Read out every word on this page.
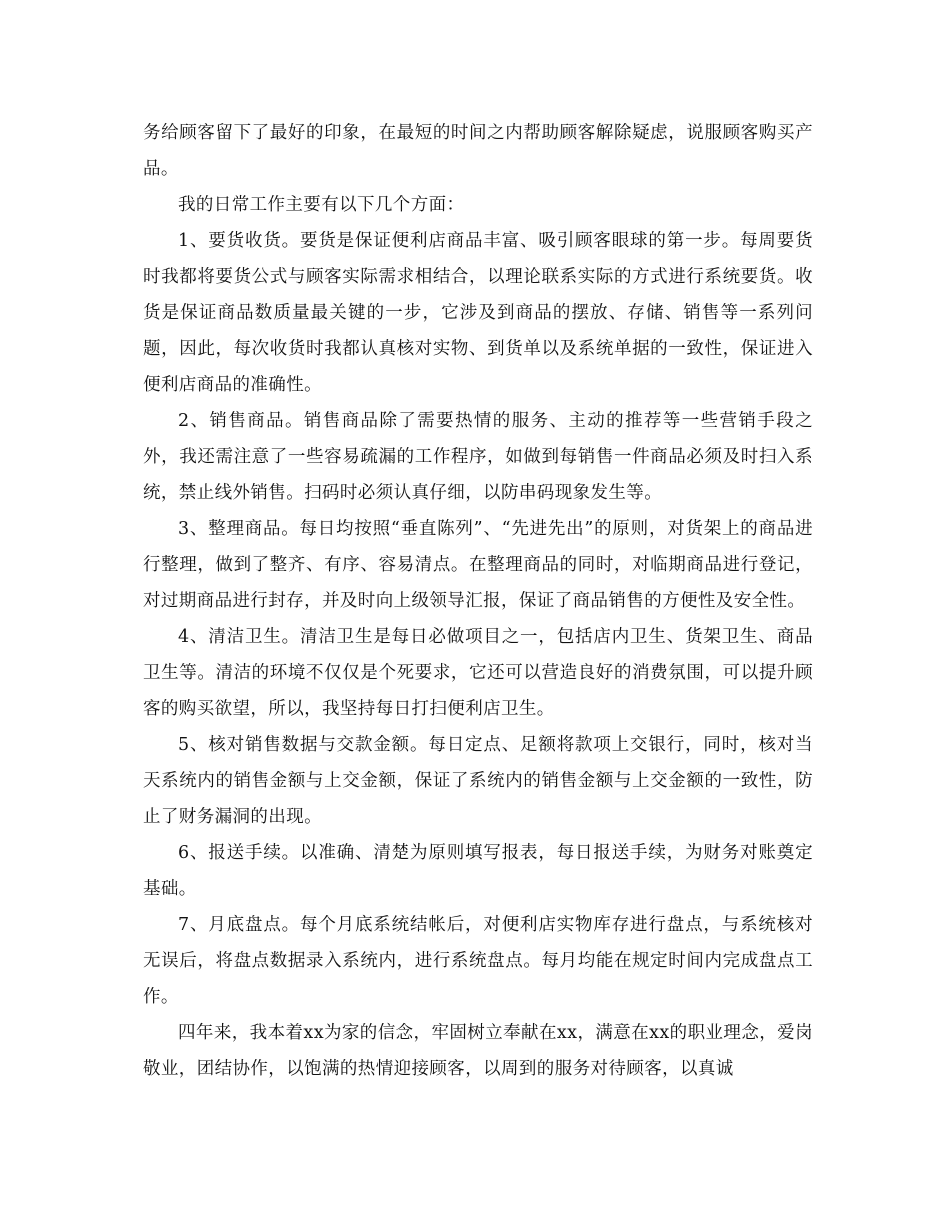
务给顾客留下了最好的印象，在最短的时间之内帮助顾客解除疑虑，说服顾客购买产品。

我的日常工作主要有以下几个方面：

1、要货收货。要货是保证便利店商品丰富、吸引顾客眼球的第一步。每周要货时我都将要货公式与顾客实际需求相结合，以理论联系实际的方式进行系统要货。收货是保证商品数质量最关键的一步，它涉及到商品的摆放、存储、销售等一系列问题，因此，每次收货时我都认真核对实物、到货单以及系统单据的一致性，保证进入便利店商品的准确性。

2、销售商品。销售商品除了需要热情的服务、主动的推荐等一些营销手段之外，我还需注意了一些容易疏漏的工作程序，如做到每销售一件商品必须及时扫入系统，禁止线外销售。扫码时必须认真仔细，以防串码现象发生等。

3、整理商品。每日均按照“垂直陈列”、“先进先出”的原则，对货架上的商品进行整理，做到了整齐、有序、容易清点。在整理商品的同时，对临期商品进行登记，对过期商品进行封存，并及时向上级领导汇报，保证了商品销售的方便性及安全性。

4、清洁卫生。清洁卫生是每日必做项目之一，包括店内卫生、货架卫生、商品卫生等。清洁的环境不仅仅是个死要求，它还可以营造良好的消费氛围，可以提升顾客的购买欲望，所以，我坚持每日打扫便利店卫生。

5、核对销售数据与交款金额。每日定点、足额将款项上交银行，同时，核对当天系统内的销售金额与上交金额，保证了系统内的销售金额与上交金额的一致性，防止了财务漏洞的出现。

6、报送手续。以准确、清楚为原则填写报表，每日报送手续，为财务对账奠定基础。

7、月底盘点。每个月底系统结帐后，对便利店实物库存进行盘点，与系统核对无误后，将盘点数据录入系统内，进行系统盘点。每月均能在规定时间内完成盘点工作。

四年来，我本着xx为家的信念，牢固树立奉献在xx，满意在xx的职业理念，爱岗敬业，团结协作，以饱满的热情迎接顾客，以周到的服务对待顾客，以真诚
